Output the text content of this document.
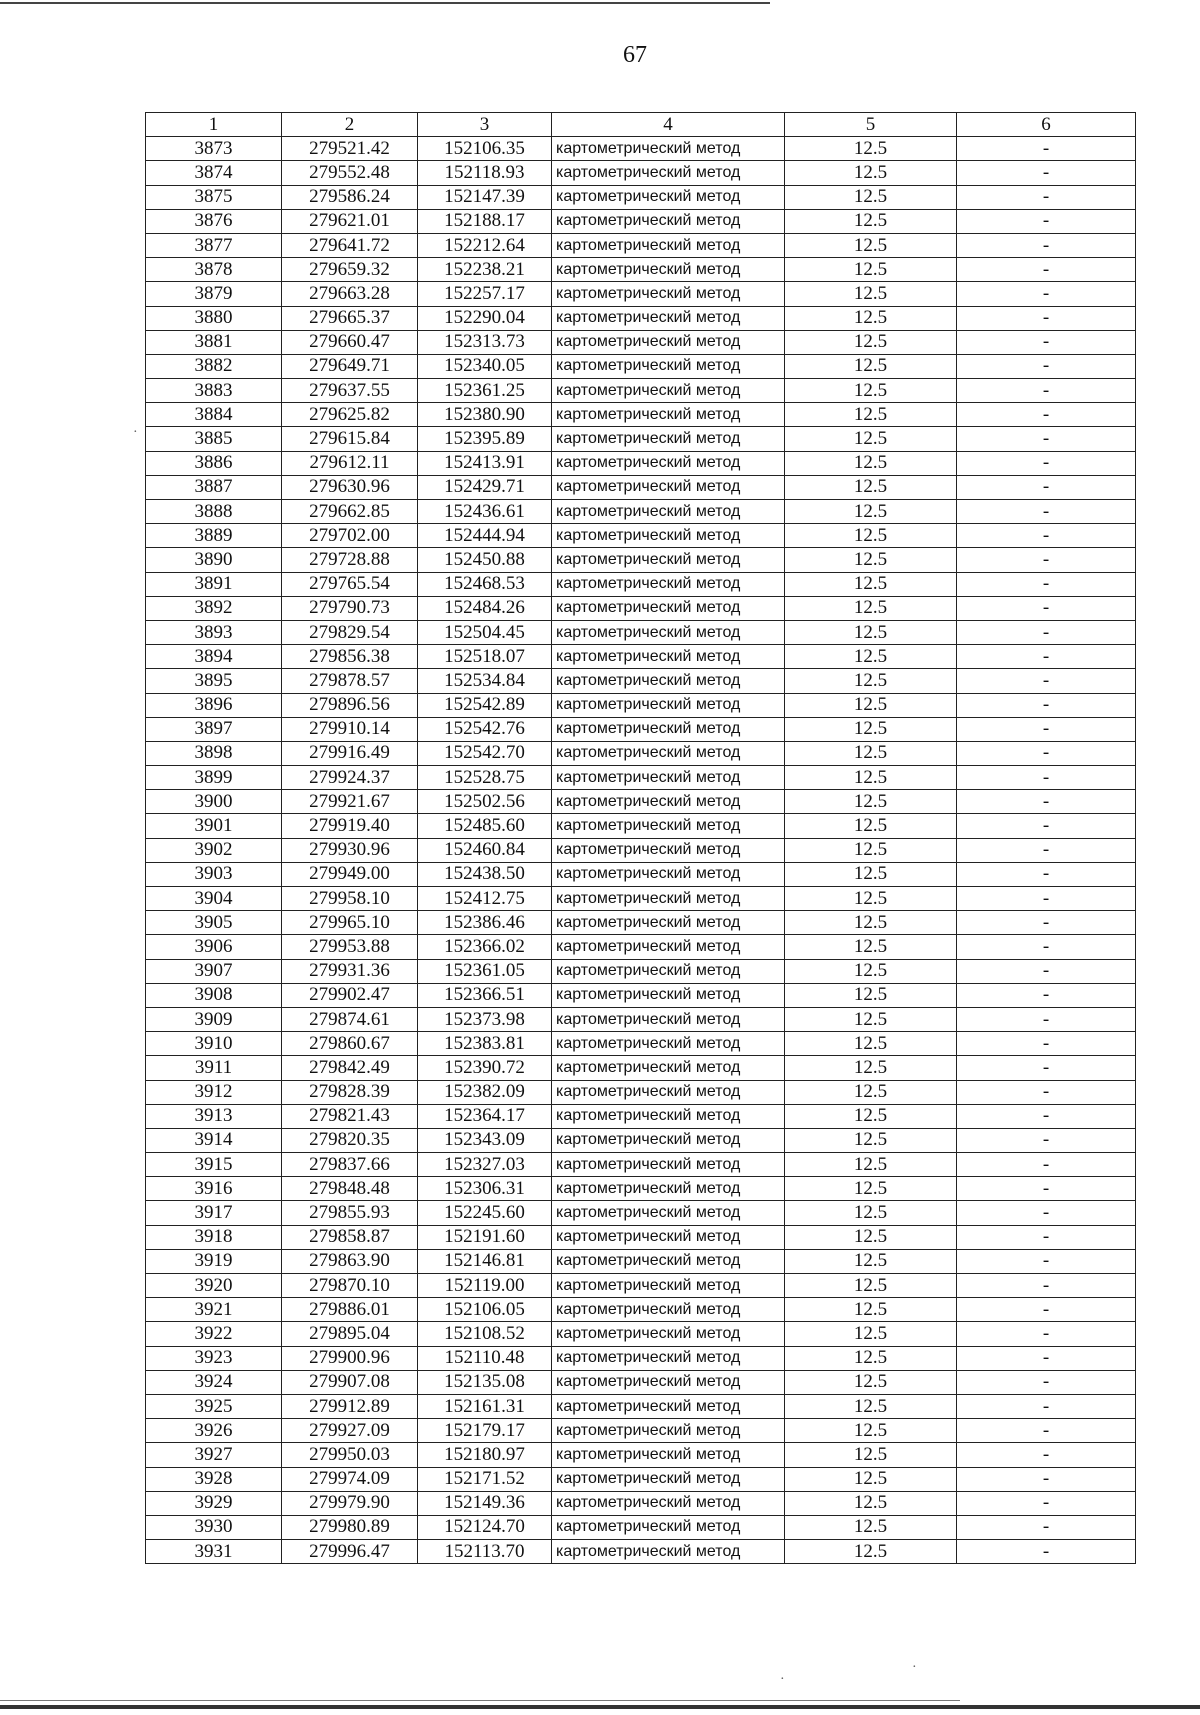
67
1	2	3	4	5	6
3873	279521.42	152106.35	картометрический метод	12.5	-
3874	279552.48	152118.93	картометрический метод	12.5	-
3875	279586.24	152147.39	картометрический метод	12.5	-
3876	279621.01	152188.17	картометрический метод	12.5	-
3877	279641.72	152212.64	картометрический метод	12.5	-
3878	279659.32	152238.21	картометрический метод	12.5	-
3879	279663.28	152257.17	картометрический метод	12.5	-
3880	279665.37	152290.04	картометрический метод	12.5	-
3881	279660.47	152313.73	картометрический метод	12.5	-
3882	279649.71	152340.05	картометрический метод	12.5	-
3883	279637.55	152361.25	картометрический метод	12.5	-
3884	279625.82	152380.90	картометрический метод	12.5	-
3885	279615.84	152395.89	картометрический метод	12.5	-
3886	279612.11	152413.91	картометрический метод	12.5	-
3887	279630.96	152429.71	картометрический метод	12.5	-
3888	279662.85	152436.61	картометрический метод	12.5	-
3889	279702.00	152444.94	картометрический метод	12.5	-
3890	279728.88	152450.88	картометрический метод	12.5	-
3891	279765.54	152468.53	картометрический метод	12.5	-
3892	279790.73	152484.26	картометрический метод	12.5	-
3893	279829.54	152504.45	картометрический метод	12.5	-
3894	279856.38	152518.07	картометрический метод	12.5	-
3895	279878.57	152534.84	картометрический метод	12.5	-
3896	279896.56	152542.89	картометрический метод	12.5	-
3897	279910.14	152542.76	картометрический метод	12.5	-
3898	279916.49	152542.70	картометрический метод	12.5	-
3899	279924.37	152528.75	картометрический метод	12.5	-
3900	279921.67	152502.56	картометрический метод	12.5	-
3901	279919.40	152485.60	картометрический метод	12.5	-
3902	279930.96	152460.84	картометрический метод	12.5	-
3903	279949.00	152438.50	картометрический метод	12.5	-
3904	279958.10	152412.75	картометрический метод	12.5	-
3905	279965.10	152386.46	картометрический метод	12.5	-
3906	279953.88	152366.02	картометрический метод	12.5	-
3907	279931.36	152361.05	картометрический метод	12.5	-
3908	279902.47	152366.51	картометрический метод	12.5	-
3909	279874.61	152373.98	картометрический метод	12.5	-
3910	279860.67	152383.81	картометрический метод	12.5	-
3911	279842.49	152390.72	картометрический метод	12.5	-
3912	279828.39	152382.09	картометрический метод	12.5	-
3913	279821.43	152364.17	картометрический метод	12.5	-
3914	279820.35	152343.09	картометрический метод	12.5	-
3915	279837.66	152327.03	картометрический метод	12.5	-
3916	279848.48	152306.31	картометрический метод	12.5	-
3917	279855.93	152245.60	картометрический метод	12.5	-
3918	279858.87	152191.60	картометрический метод	12.5	-
3919	279863.90	152146.81	картометрический метод	12.5	-
3920	279870.10	152119.00	картометрический метод	12.5	-
3921	279886.01	152106.05	картометрический метод	12.5	-
3922	279895.04	152108.52	картометрический метод	12.5	-
3923	279900.96	152110.48	картометрический метод	12.5	-
3924	279907.08	152135.08	картометрический метод	12.5	-
3925	279912.89	152161.31	картометрический метод	12.5	-
3926	279927.09	152179.17	картометрический метод	12.5	-
3927	279950.03	152180.97	картометрический метод	12.5	-
3928	279974.09	152171.52	картометрический метод	12.5	-
3929	279979.90	152149.36	картометрический метод	12.5	-
3930	279980.89	152124.70	картометрический метод	12.5	-
3931	279996.47	152113.70	картометрический метод	12.5	-
·
·
·
